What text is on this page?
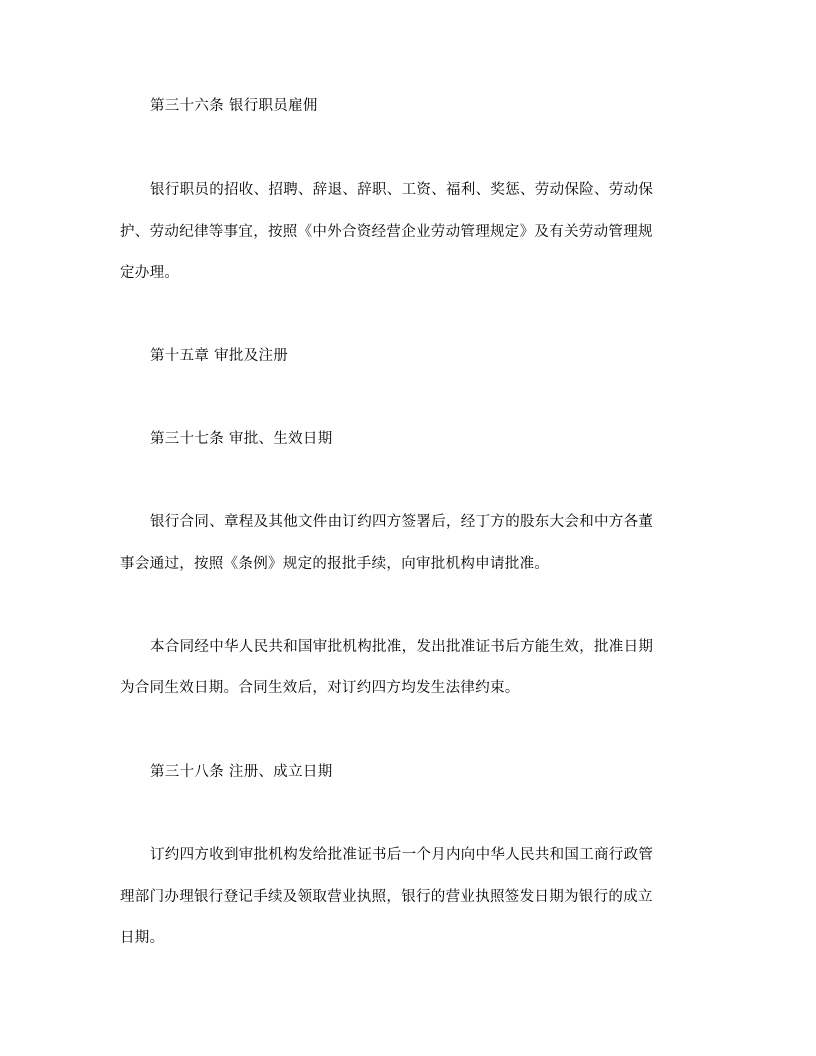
第三十六条 银行职员雇佣
银行职员的招收、招聘、辞退、辞职、工资、福利、奖惩、劳动保险、劳动保
护、劳动纪律等事宜，按照《中外合资经营企业劳动管理规定》及有关劳动管理规
定办理。
第十五章 审批及注册
第三十七条 审批、生效日期
银行合同、章程及其他文件由订约四方签署后，经丁方的股东大会和中方各董
事会通过，按照《条例》规定的报批手续，向审批机构申请批准。
本合同经中华人民共和国审批机构批准，发出批准证书后方能生效，批准日期
为合同生效日期。合同生效后，对订约四方均发生法律约束。
第三十八条 注册、成立日期
订约四方收到审批机构发给批准证书后一个月内向中华人民共和国工商行政管
理部门办理银行登记手续及领取营业执照，银行的营业执照签发日期为银行的成立
日期。
